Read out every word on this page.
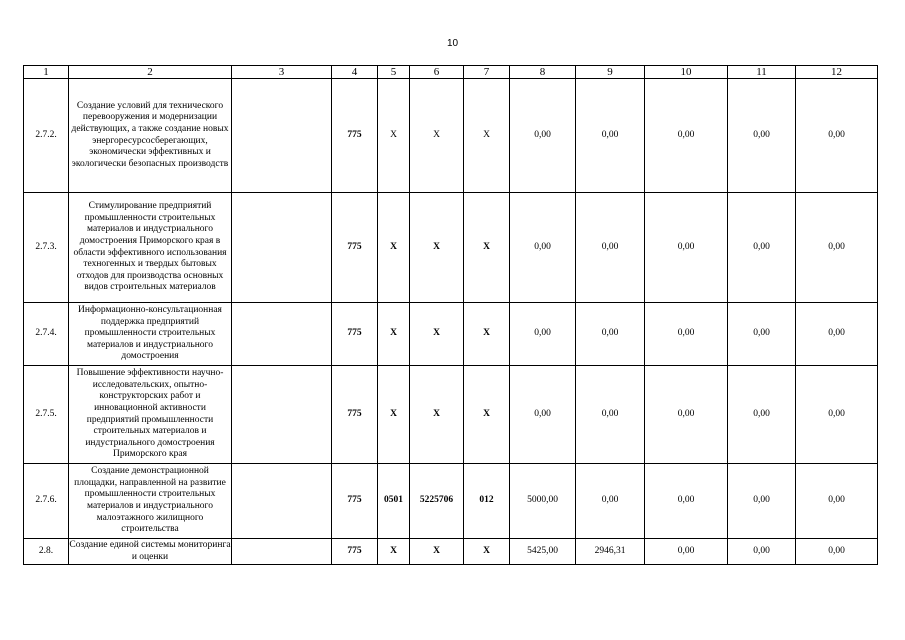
10
1	2	3	4	5	6	7	8	9	10	11	12
2.7.2.	Создание условий для технического перевооружения и модернизации действующих, а также создание новых энергоресурсосберегающих, экономически эффективных и экологически безопасных производств		775	X	X	X	0,00	0,00	0,00	0,00	0,00
2.7.3.	Стимулирование предприятий промышленности строительных материалов и индустриального домостроения Приморского края в области эффективного использования техногенных и твердых бытовых отходов для производства основных видов строительных материалов		775	X	X	X	0,00	0,00	0,00	0,00	0,00
2.7.4.	Информационно-консультационная поддержка предприятий промышленности строительных материалов и индустриального домостроения		775	X	X	X	0,00	0,00	0,00	0,00	0,00
2.7.5.	Повышение эффективности научно-исследовательских, опытно-конструкторских работ и инновационной активности предприятий промышленности строительных материалов и индустриального домостроения Приморского края		775	X	X	X	0,00	0,00	0,00	0,00	0,00
2.7.6.	Создание демонстрационной площадки, направленной на развитие промышленности строительных материалов и индустриального малоэтажного жилищного строительства		775	0501	5225706	012	5000,00	0,00	0,00	0,00	0,00
2.8.	Создание единой системы мониторинга и оценки		775	X	X	X	5425,00	2946,31	0,00	0,00	0,00
